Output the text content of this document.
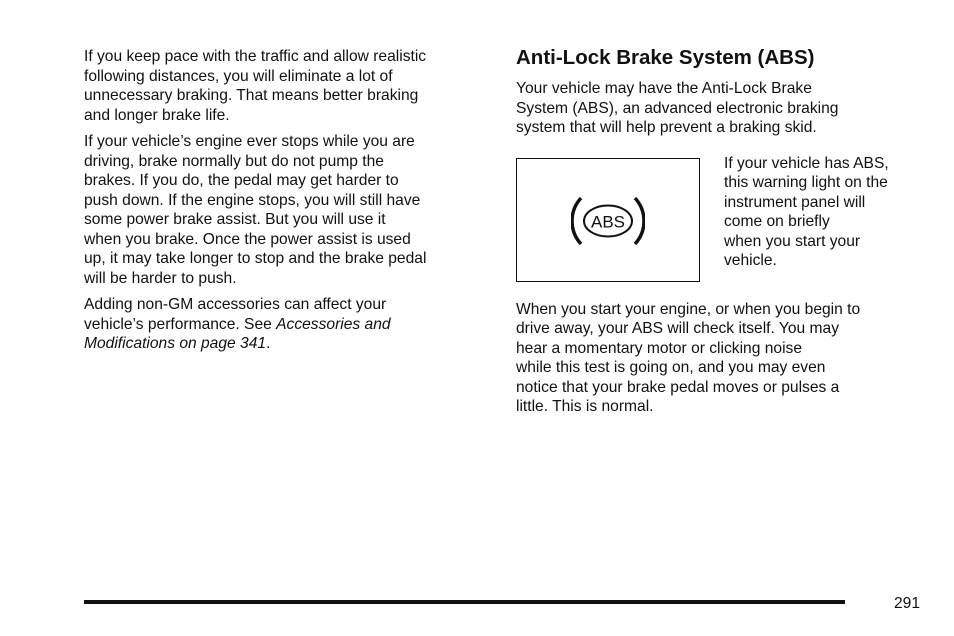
If you keep pace with the traffic and allow realistic
following distances, you will eliminate a lot of
unnecessary braking. That means better braking
and longer brake life.

If your vehicle’s engine ever stops while you are
driving, brake normally but do not pump the
brakes. If you do, the pedal may get harder to
push down. If the engine stops, you will still have
some power brake assist. But you will use it
when you brake. Once the power assist is used
up, it may take longer to stop and the brake pedal
will be harder to push.

Adding non-GM accessories can affect your
vehicle’s performance. See Accessories and
Modifications on page 341.

Anti-Lock Brake System (ABS)

Your vehicle may have the Anti-Lock Brake
System (ABS), an advanced electronic braking
system that will help prevent a braking skid.

ABS
If your vehicle has ABS,
this warning light on the
instrument panel will
come on briefly
when you start your
vehicle.

When you start your engine, or when you begin to
drive away, your ABS will check itself. You may
hear a momentary motor or clicking noise
while this test is going on, and you may even
notice that your brake pedal moves or pulses a
little. This is normal.

291
